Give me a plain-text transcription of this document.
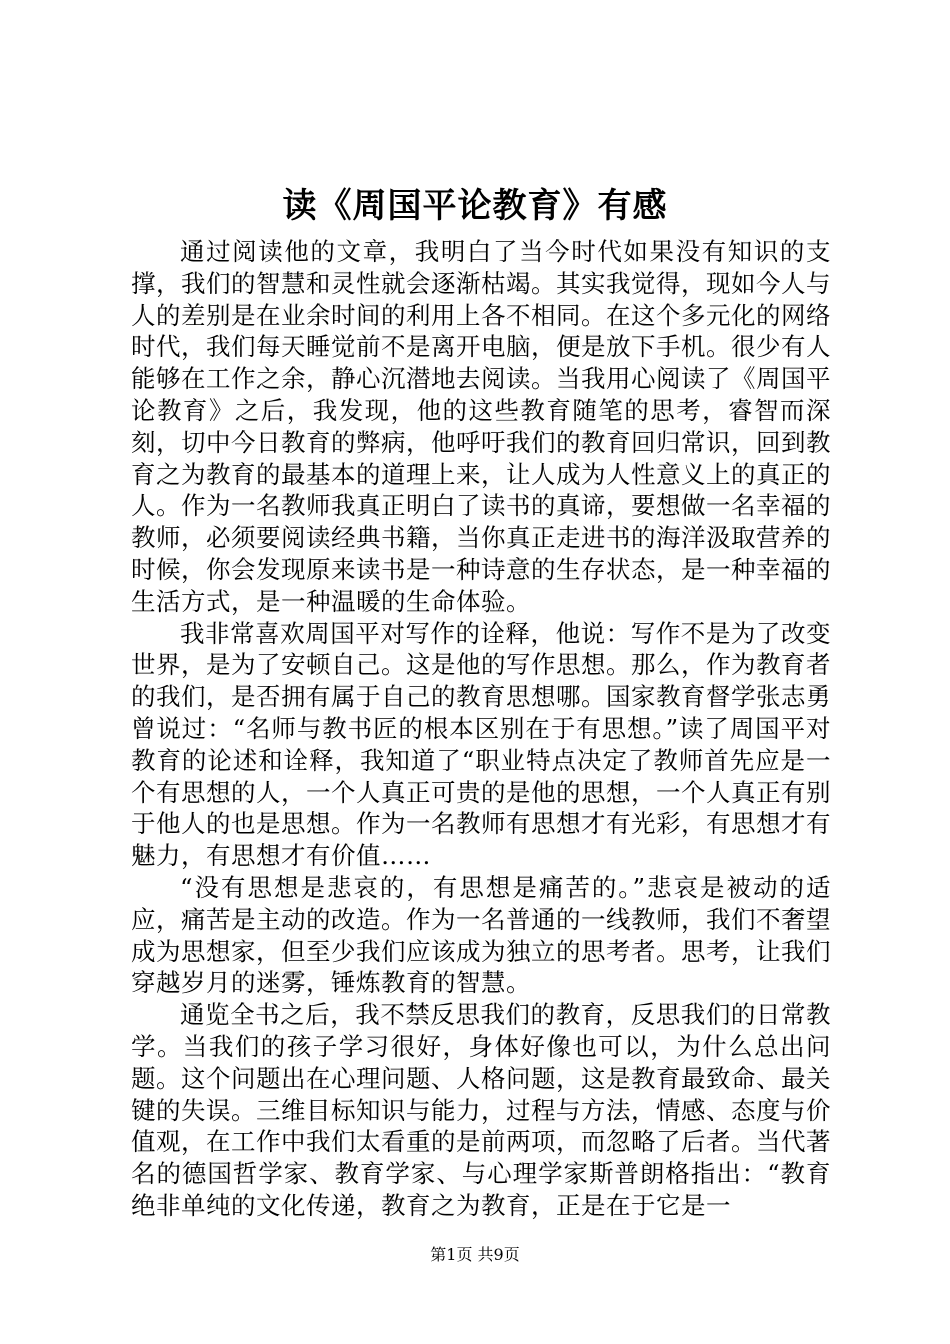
读《周国平论教育》有感

通过阅读他的文章，我明白了当今时代如果没有知识的支撑，我们的智慧和灵性就会逐渐枯竭。其实我觉得，现如今人与人的差别是在业余时间的利用上各不相同。在这个多元化的网络时代，我们每天睡觉前不是离开电脑，便是放下手机。很少有人能够在工作之余，静心沉潜地去阅读。当我用心阅读了《周国平论教育》之后，我发现，他的这些教育随笔的思考，睿智而深刻，切中今日教育的弊病，他呼吁我们的教育回归常识，回到教育之为教育的最基本的道理上来，让人成为人性意义上的真正的人。作为一名教师我真正明白了读书的真谛，要想做一名幸福的教师，必须要阅读经典书籍，当你真正走进书的海洋汲取营养的时候，你会发现原来读书是一种诗意的生存状态，是一种幸福的生活方式，是一种温暖的生命体验。

我非常喜欢周国平对写作的诠释，他说：写作不是为了改变世界，是为了安顿自己。这是他的写作思想。那么，作为教育者的我们，是否拥有属于自己的教育思想哪。国家教育督学张志勇曾说过：“名师与教书匠的根本区别在于有思想。”读了周国平对教育的论述和诠释，我知道了“职业特点决定了教师首先应是一个有思想的人，一个人真正可贵的是他的思想，一个人真正有别于他人的也是思想。作为一名教师有思想才有光彩，有思想才有魅力，有思想才有价值……

“没有思想是悲哀的，有思想是痛苦的。”悲哀是被动的适应，痛苦是主动的改造。作为一名普通的一线教师，我们不奢望成为思想家，但至少我们应该成为独立的思考者。思考，让我们穿越岁月的迷雾，锤炼教育的智慧。

通览全书之后，我不禁反思我们的教育，反思我们的日常教学。当我们的孩子学习很好，身体好像也可以，为什么总出问题。这个问题出在心理问题、人格问题，这是教育最致命、最关键的失误。三维目标知识与能力，过程与方法，情感、态度与价值观，在工作中我们太看重的是前两项，而忽略了后者。当代著名的德国哲学家、教育学家、与心理学家斯普朗格指出：“教育绝非单纯的文化传递，教育之为教育，正是在于它是一

第1页 共9页
